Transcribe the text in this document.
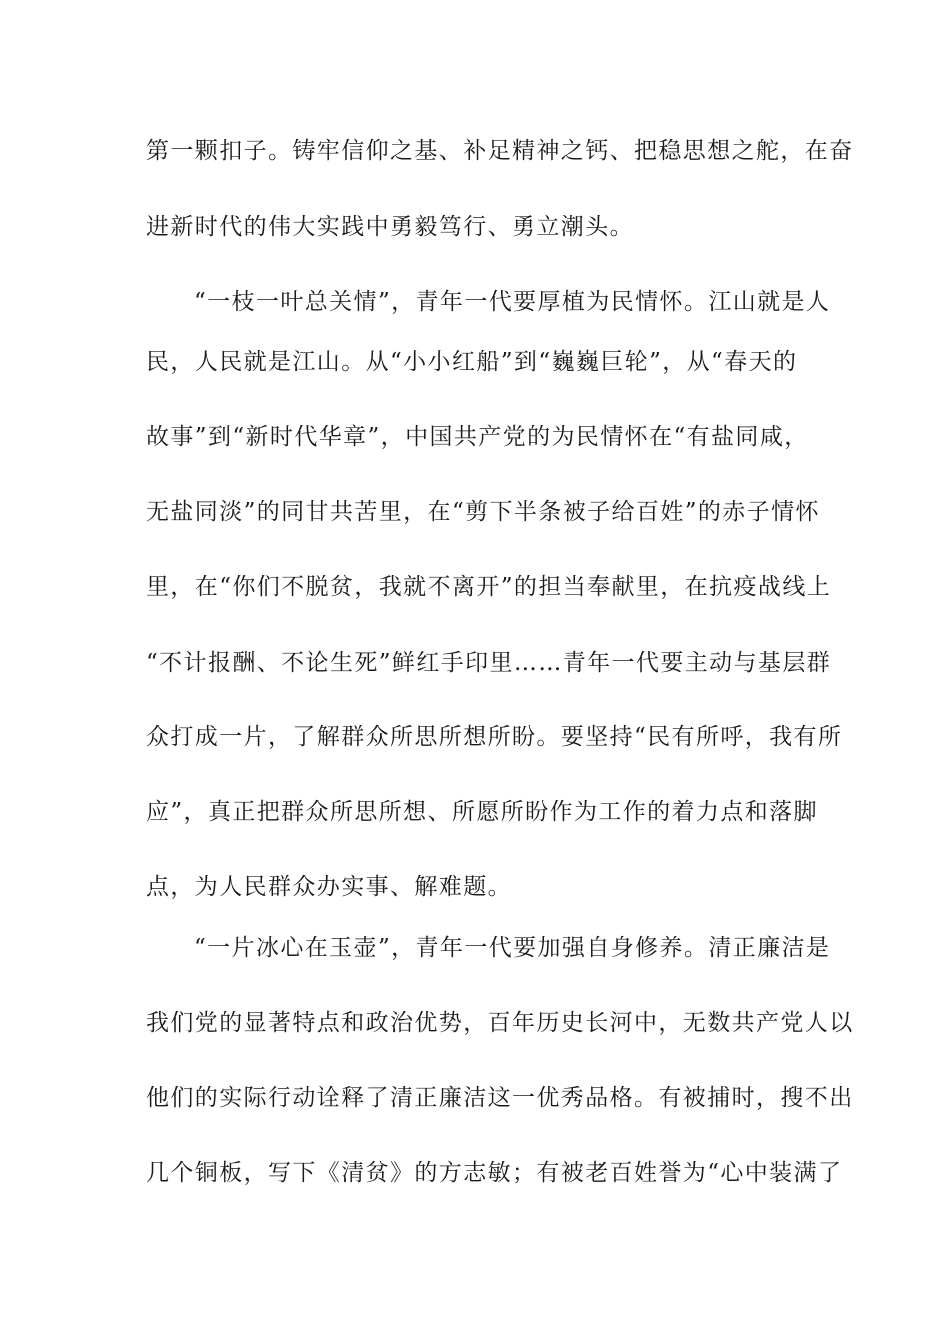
第一颗扣子。铸牢信仰之基、补足精神之钙、把稳思想之舵，在奋
进新时代的伟大实践中勇毅笃行、勇立潮头。
“一枝一叶总关情”，青年一代要厚植为民情怀。江山就是人
民，人民就是江山。从“小小红船”到“巍巍巨轮”，从“春天的
故事”到“新时代华章”，中国共产党的为民情怀在“有盐同咸，
无盐同淡”的同甘共苦里，在“剪下半条被子给百姓”的赤子情怀
里，在“你们不脱贫，我就不离开”的担当奉献里，在抗疫战线上
“不计报酬、不论生死”鲜红手印里……青年一代要主动与基层群
众打成一片，了解群众所思所想所盼。要坚持“民有所呼，我有所
应”，真正把群众所思所想、所愿所盼作为工作的着力点和落脚
点，为人民群众办实事、解难题。
“一片冰心在玉壶”，青年一代要加强自身修养。清正廉洁是
我们党的显著特点和政治优势，百年历史长河中，无数共产党人以
他们的实际行动诠释了清正廉洁这一优秀品格。有被捕时，搜不出
几个铜板，写下《清贫》的方志敏；有被老百姓誉为“心中装满了
